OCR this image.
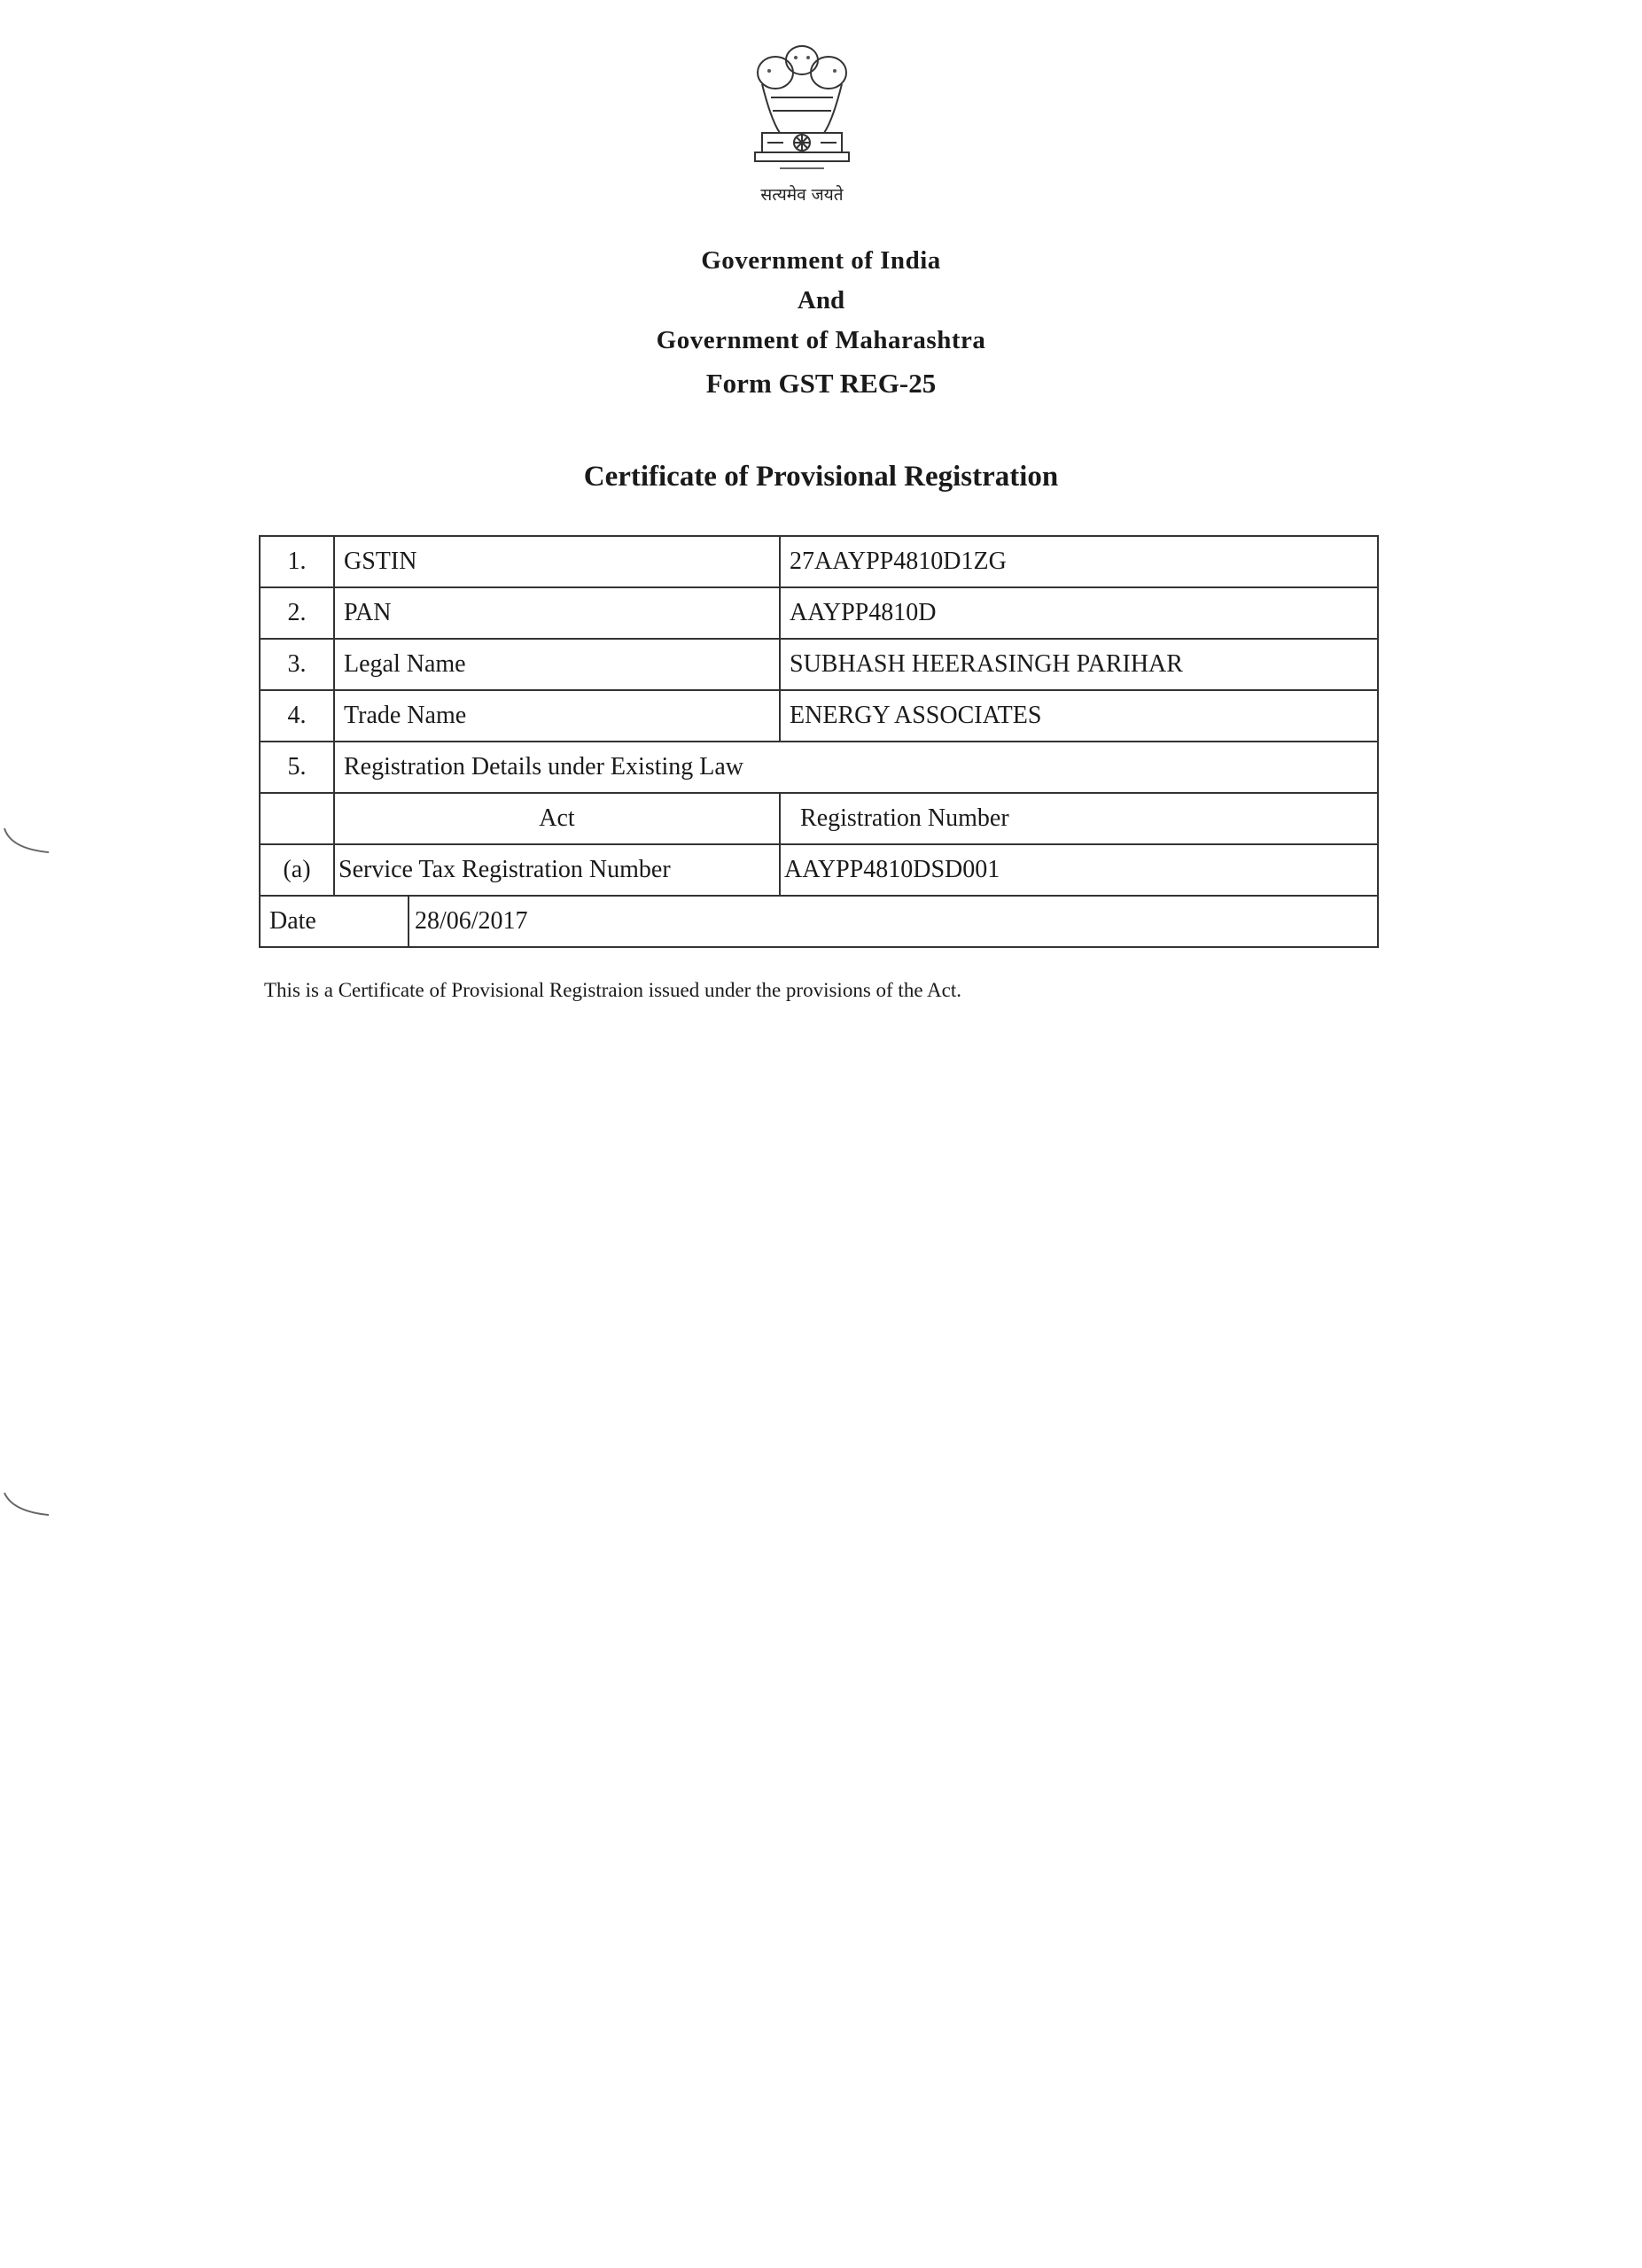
सत्यमेव जयते
Government of India
And
Government of Maharashtra
Form GST REG-25
Certificate of Provisional Registration
1.	GSTIN		27AAYPP4810D1ZG
2.	PAN		AAYPP4810D
3.	Legal Name		SUBHASH HEERASINGH PARIHAR
4.	Trade Name		ENERGY ASSOCIATES
5.	Registration Details under Existing Law		
	Act		Registration Number
(a)	Service Tax Registration Number		AAYPP4810DSD001
Date		28/06/2017	
This is a Certificate of Provisional Registraion issued under the provisions of the Act.
